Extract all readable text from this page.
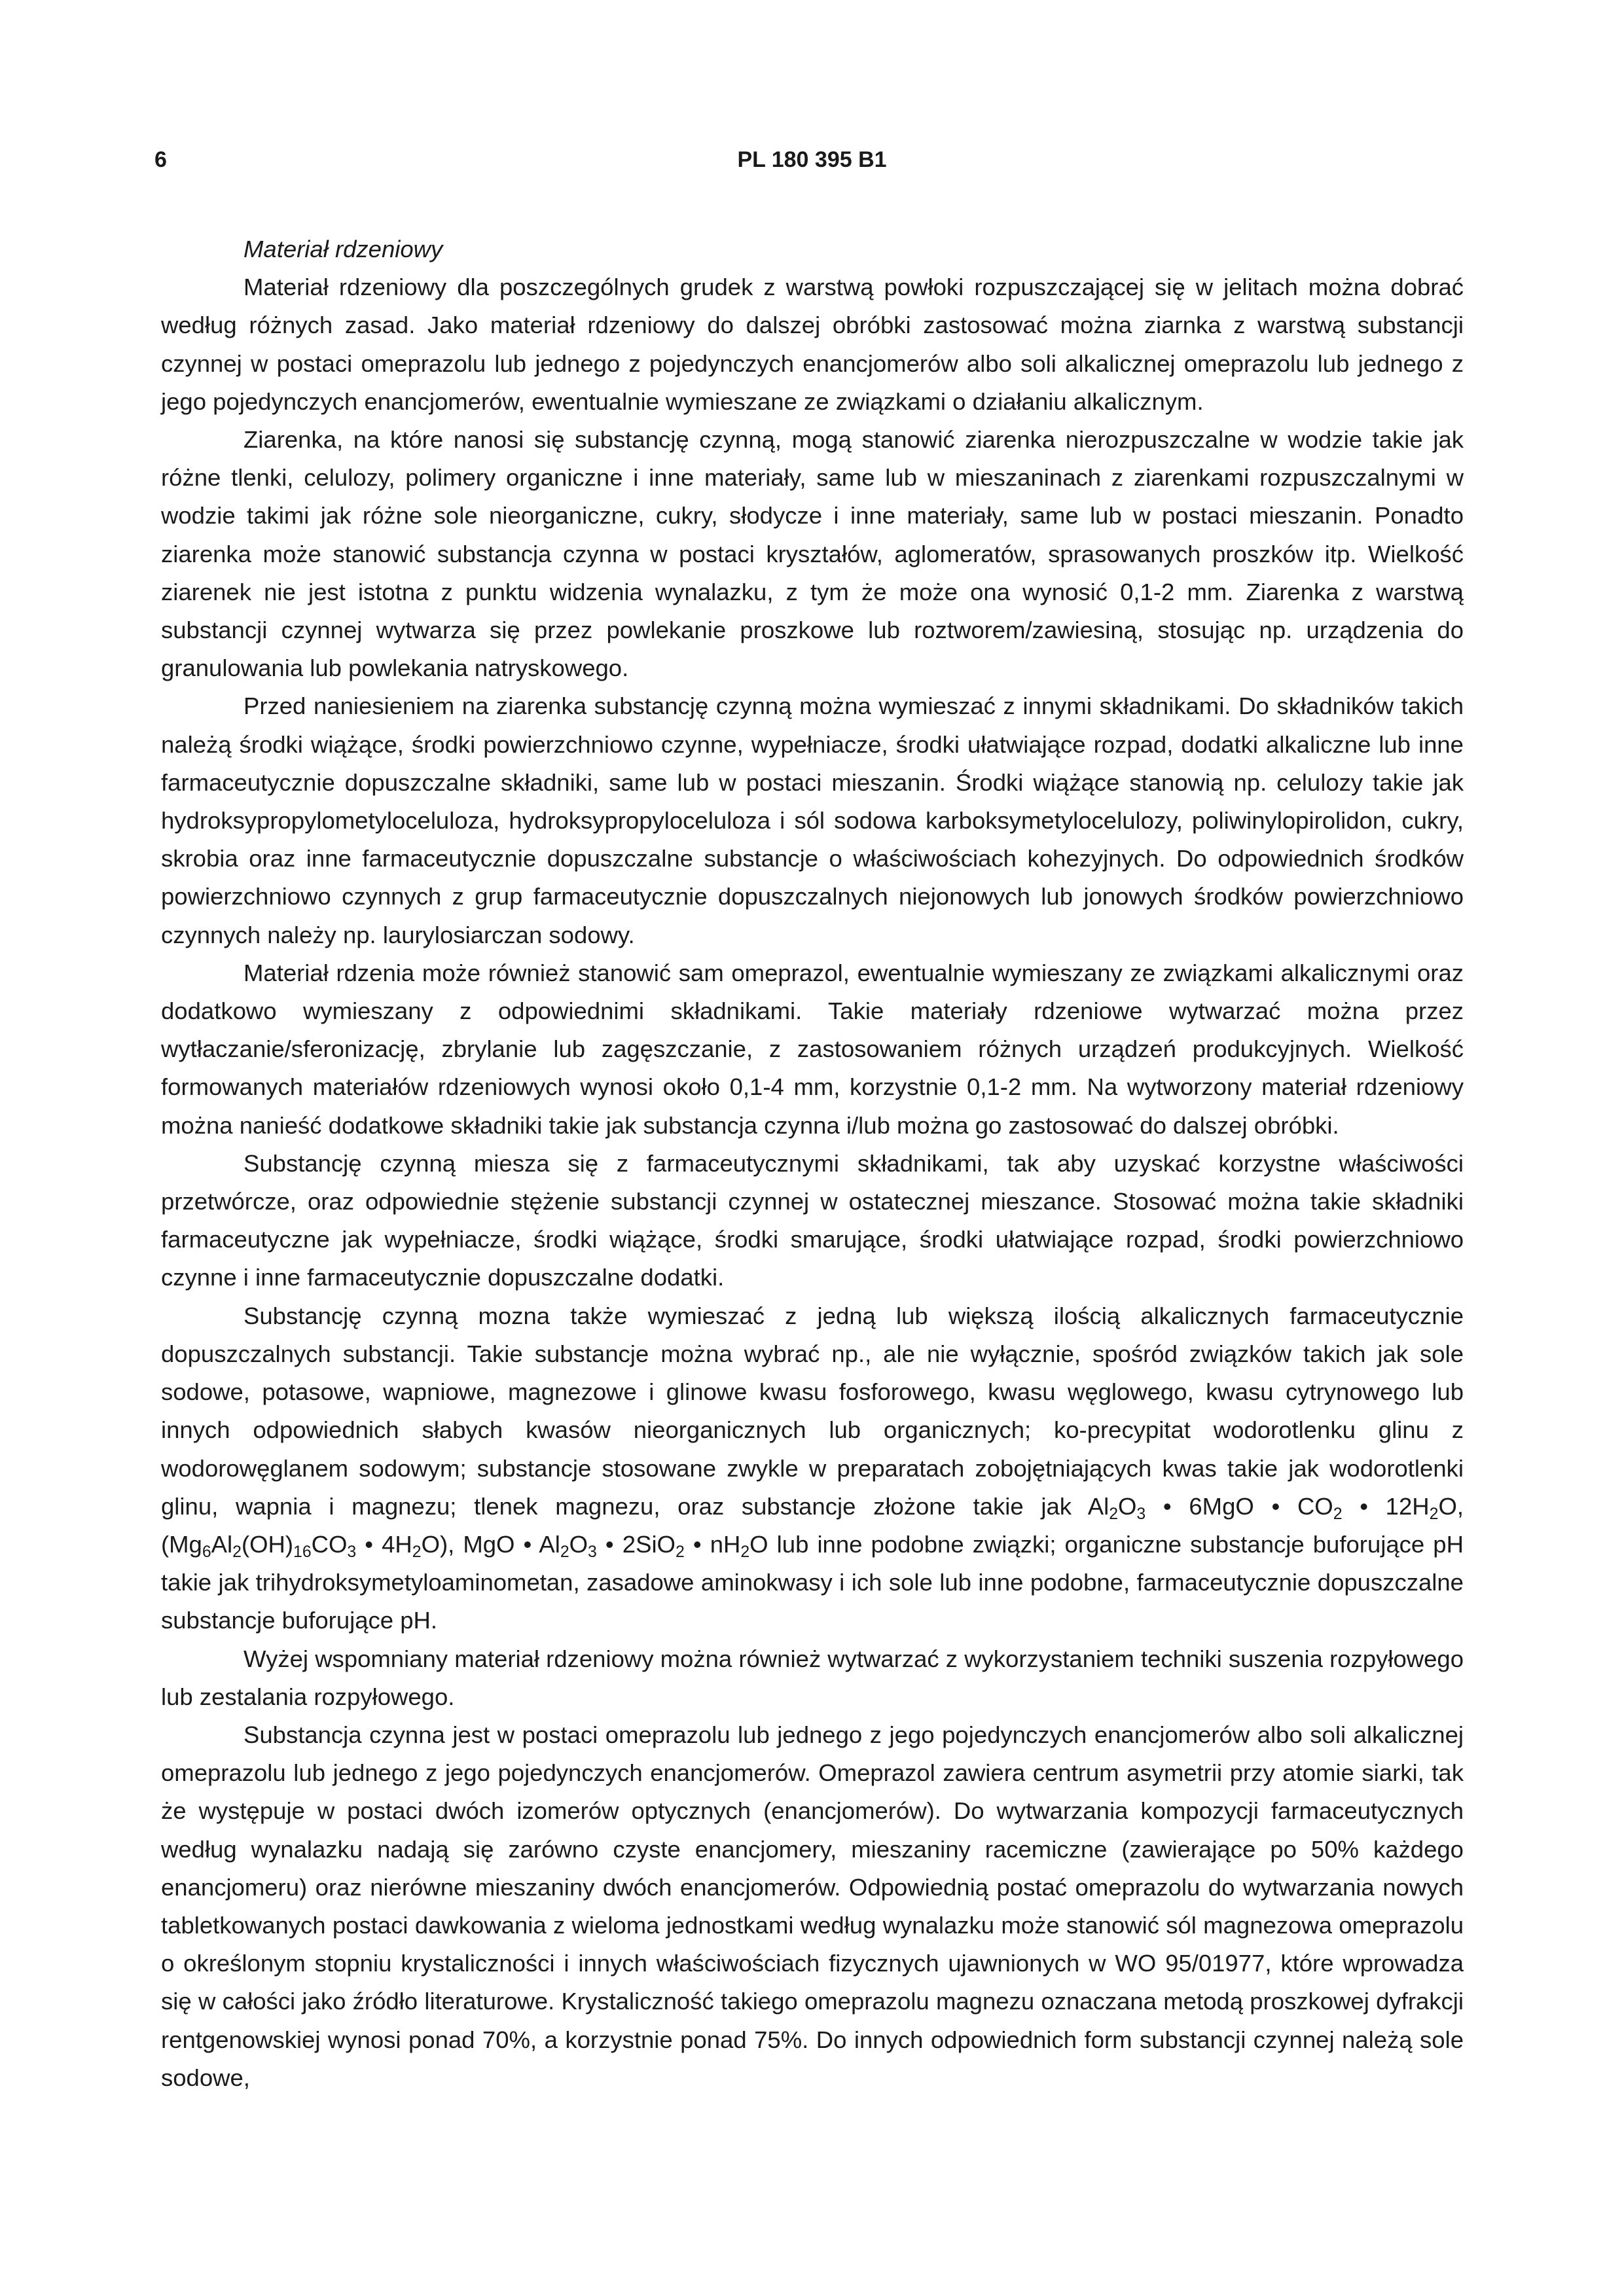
6	PL 180 395 B1

Materiał rdzeniowy

Materiał rdzeniowy dla poszczególnych grudek z warstwą powłoki rozpuszczającej się w jelitach można dobrać według różnych zasad. Jako materiał rdzeniowy do dalszej obróbki zastosować można ziarnka z warstwą substancji czynnej w postaci omeprazolu lub jednego z pojedynczych enancjomerów albo soli alkalicznej omeprazolu lub jednego z jego pojedynczych enancjomerów, ewentualnie wymieszane ze związkami o działaniu alkalicznym.

Ziarenka, na które nanosi się substancję czynną, mogą stanowić ziarenka nierozpuszczalne w wodzie takie jak różne tlenki, celulozy, polimery organiczne i inne materiały, same lub w mieszaninach z ziarenkami rozpuszczalnymi w wodzie takimi jak różne sole nieorganiczne, cukry, słodycze i inne materiały, same lub w postaci mieszanin. Ponadto ziarenka może stanowić substancja czynna w postaci kryształów, aglomeratów, sprasowanych proszków itp. Wielkość ziarenek nie jest istotna z punktu widzenia wynalazku, z tym że może ona wynosić 0,1-2 mm. Ziarenka z warstwą substancji czynnej wytwarza się przez powlekanie proszkowe lub roztworem/zawiesiną, stosując np. urządzenia do granulowania lub powlekania natryskowego.

Przed naniesieniem na ziarenka substancję czynną można wymieszać z innymi składnikami. Do składników takich należą środki wiążące, środki powierzchniowo czynne, wypełniacze, środki ułatwiające rozpad, dodatki alkaliczne lub inne farmaceutycznie dopuszczalne składniki, same lub w postaci mieszanin. Środki wiążące stanowią np. celulozy takie jak hydroksypropylometyloceluloza, hydroksypropyloceluloza i sól sodowa karboksymetylocelulozy, poliwinylopirolidon, cukry, skrobia oraz inne farmaceutycznie dopuszczalne substancje o właściwościach kohezyjnych. Do odpowiednich środków powierzchniowo czynnych z grup farmaceutycznie dopuszczalnych niejonowych lub jonowych środków powierzchniowo czynnych należy np. laurylosiarczan sodowy.

Materiał rdzenia może również stanowić sam omeprazol, ewentualnie wymieszany ze związkami alkalicznymi oraz dodatkowo wymieszany z odpowiednimi składnikami. Takie materiały rdzeniowe wytwarzać można przez wytłaczanie/sferonizację, zbrylanie lub zagęszczanie, z zastosowaniem różnych urządzeń produkcyjnych. Wielkość formowanych materiałów rdzeniowych wynosi około 0,1-4 mm, korzystnie 0,1-2 mm. Na wytworzony materiał rdzeniowy można nanieść dodatkowe składniki takie jak substancja czynna i/lub można go zastosować do dalszej obróbki.

Substancję czynną miesza się z farmaceutycznymi składnikami, tak aby uzyskać korzystne właściwości przetwórcze, oraz odpowiednie stężenie substancji czynnej w ostatecznej mieszance. Stosować można takie składniki farmaceutyczne jak wypełniacze, środki wiążące, środki smarujące, środki ułatwiające rozpad, środki powierzchniowo czynne i inne farmaceutycznie dopuszczalne dodatki.

Substancję czynną mozna także wymieszać z jedną lub większą ilością alkalicznych farmaceutycznie dopuszczalnych substancji. Takie substancje można wybrać np., ale nie wyłącznie, spośród związków takich jak sole sodowe, potasowe, wapniowe, magnezowe i glinowe kwasu fosforowego, kwasu węglowego, kwasu cytrynowego lub innych odpowiednich słabych kwasów nieorganicznych lub organicznych; ko-precypitat wodorotlenku glinu z wodorowęglanem sodowym; substancje stosowane zwykle w preparatach zobojętniających kwas takie jak wodorotlenki glinu, wapnia i magnezu; tlenek magnezu, oraz substancje złożone takie jak $Al_2O_3$ • 6MgO • $CO_2$ • $12H_2O$, ($Mg_6Al_2(OH)_{16}CO_3$ • $4H_2O$), MgO • $Al_2O_3$ • 2SiO$_2$ • $nH_2O$ lub inne podobne związki; organiczne substancje buforujące pH takie jak trihydroksymetyloaminometan, zasadowe aminokwasy i ich sole lub inne podobne, farmaceutycznie dopuszczalne substancje buforujące pH.

Wyżej wspomniany materiał rdzeniowy można również wytwarzać z wykorzystaniem techniki suszenia rozpyłowego lub zestalania rozpyłowego.

Substancja czynna jest w postaci omeprazolu lub jednego z jego pojedynczych enancjomerów albo soli alkalicznej omeprazolu lub jednego z jego pojedynczych enancjomerów. Omeprazol zawiera centrum asymetrii przy atomie siarki, tak że występuje w postaci dwóch izomerów optycznych (enancjomerów). Do wytwarzania kompozycji farmaceutycznych według wynalazku nadają się zarówno czyste enancjomery, mieszaniny racemiczne (zawierające po 50% każdego enancjomeru) oraz nierówne mieszaniny dwóch enancjomerów. Odpowiednią postać omeprazolu do wytwarzania nowych tabletkowanych postaci dawkowania z wieloma jednostkami według wynalazku może stanowić sól magnezowa omeprazolu o określonym stopniu krystaliczności i innych właściwościach fizycznych ujawnionych w WO 95/01977, które wprowadza się w całości jako źródło literaturowe. Krystaliczność takiego omeprazolu magnezu oznaczana metodą proszkowej dyfrakcji rentgenowskiej wynosi ponad 70%, a korzystnie ponad 75%. Do innych odpowiednich form substancji czynnej należą sole sodowe,
